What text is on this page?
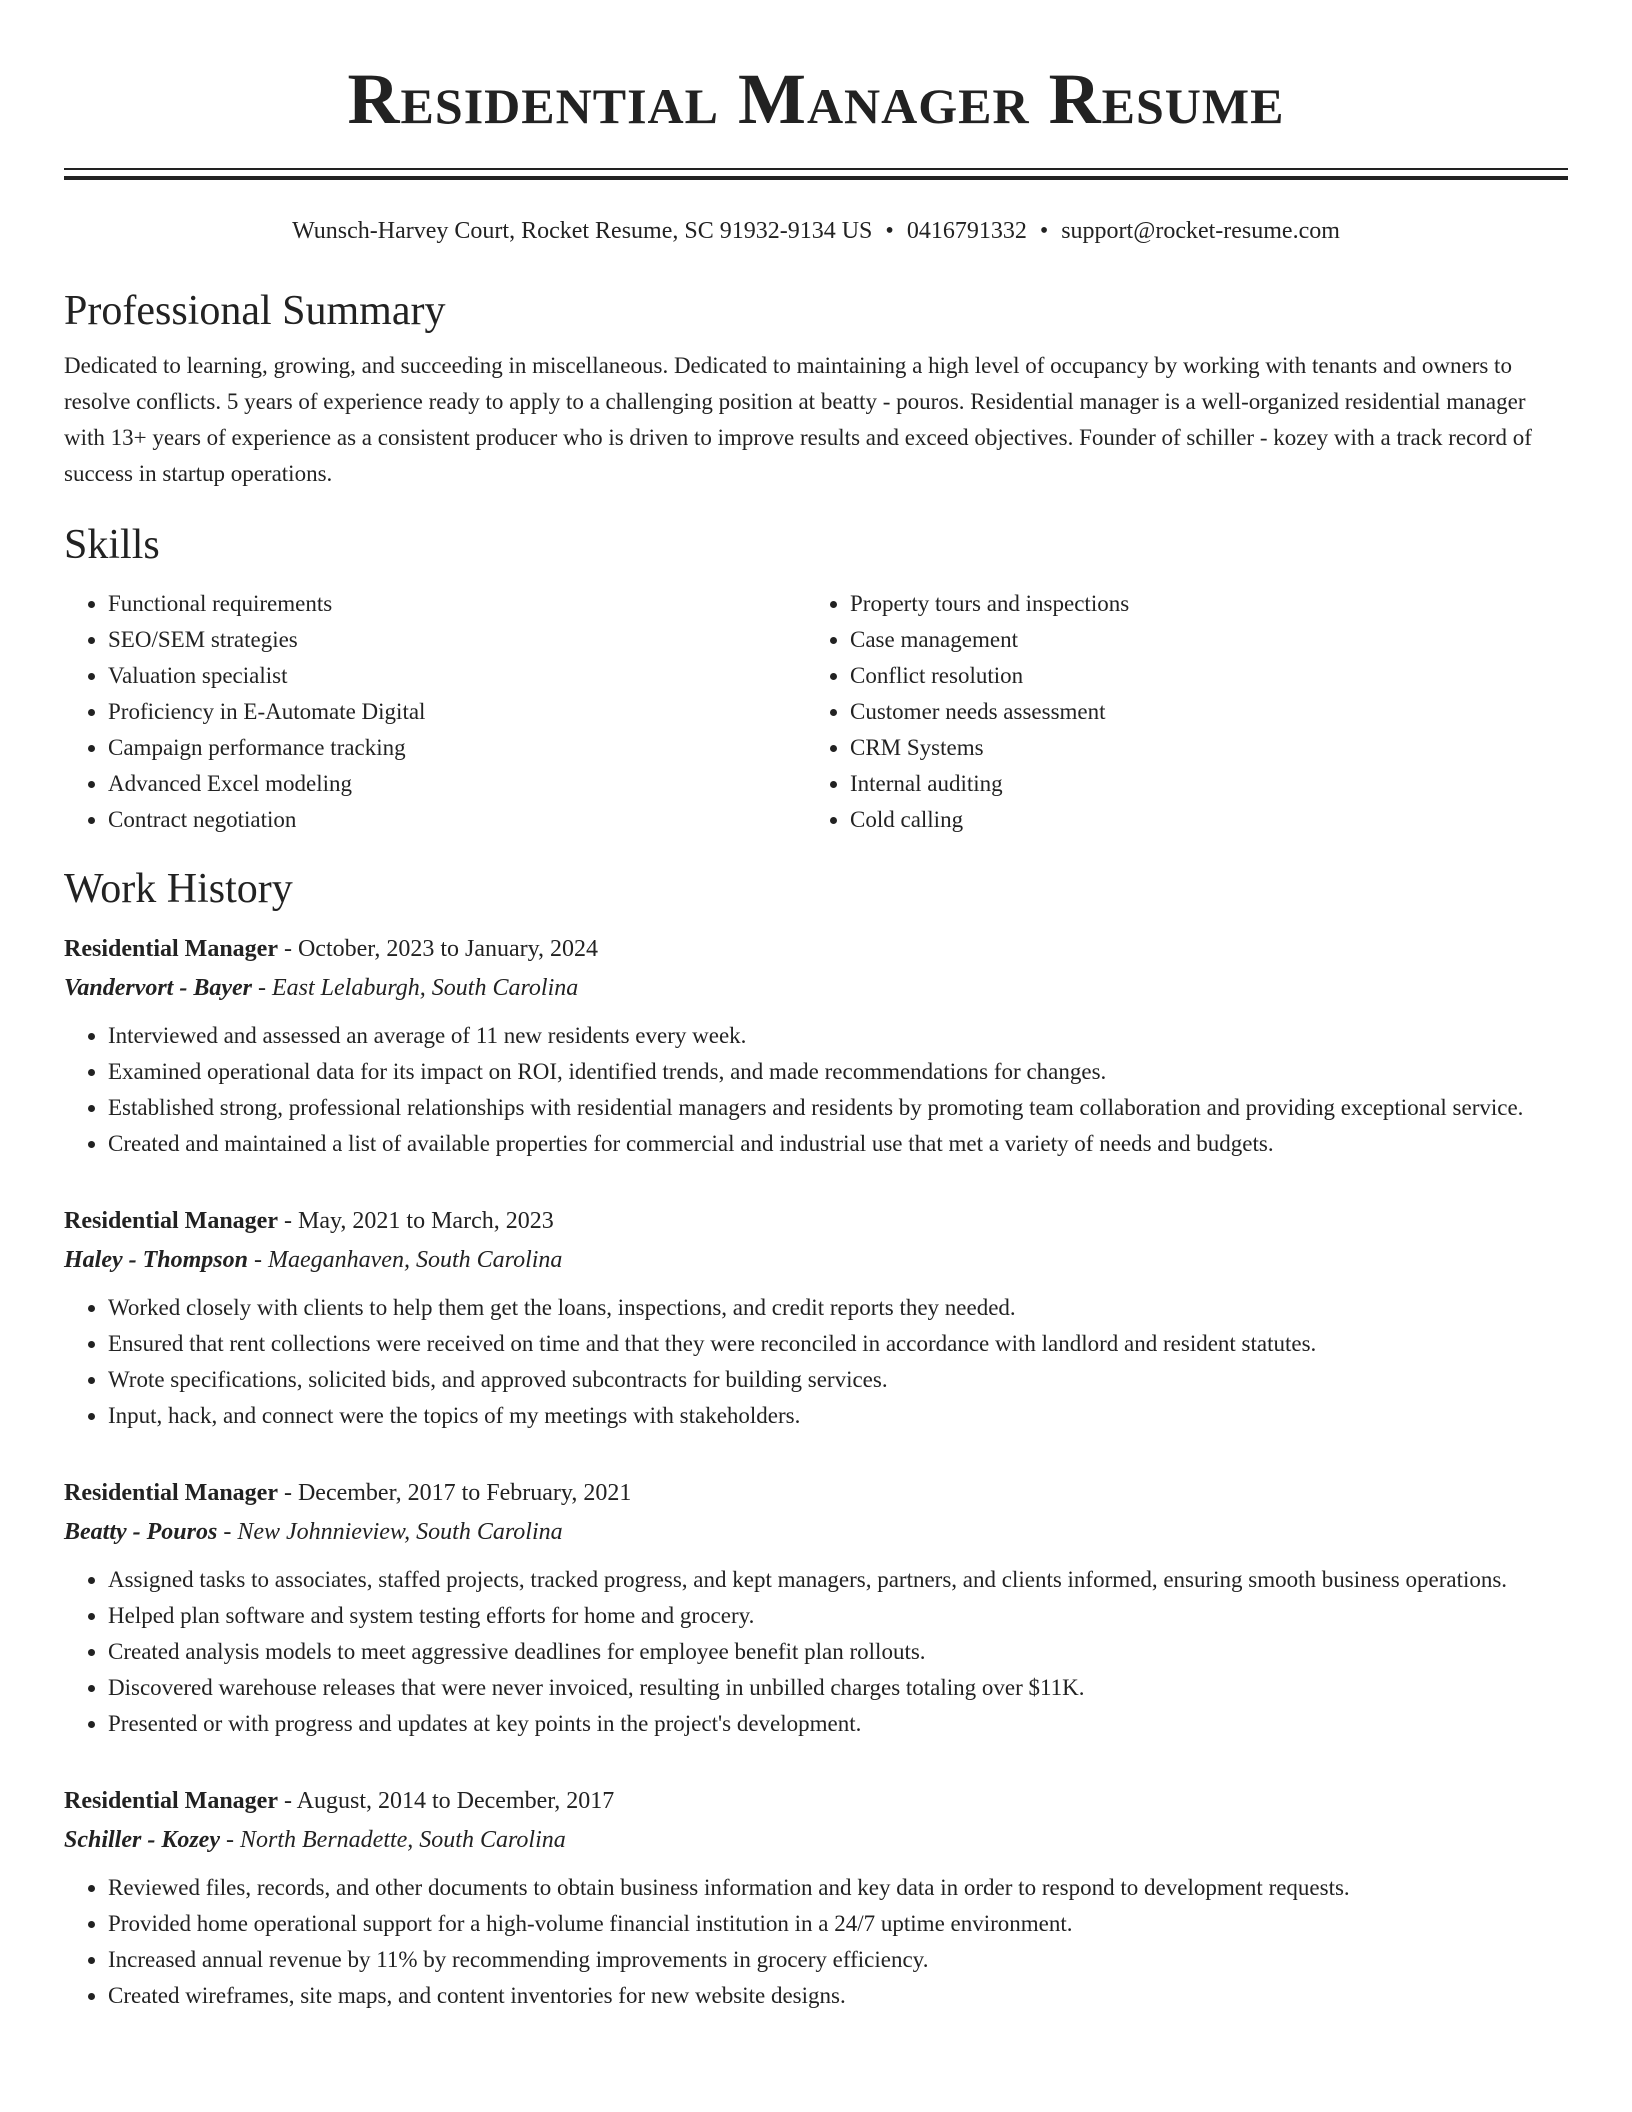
Residential Manager Resume
Wunsch-Harvey Court, Rocket Resume, SC 91932-9134 US • 0416791332 • support@rocket-resume.com
Professional Summary

Dedicated to learning, growing, and succeeding in miscellaneous. Dedicated to maintaining a high level of occupancy by working with tenants and owners to resolve conflicts. 5 years of experience ready to apply to a challenging position at beatty - pouros. Residential manager is a well-organized residential manager with 13+ years of experience as a consistent producer who is driven to improve results and exceed objectives. Founder of schiller - kozey with a track record of success in startup operations.

Skills
• Functional requirements
• SEO/SEM strategies
• Valuation specialist
• Proficiency in E-Automate Digital
• Campaign performance tracking
• Advanced Excel modeling
• Contract negotiation
• Property tours and inspections
• Case management
• Conflict resolution
• Customer needs assessment
• CRM Systems
• Internal auditing
• Cold calling
Work History
Residential Manager - October, 2023 to January, 2024
Vandervort - Bayer - East Lelaburgh, South Carolina
• Interviewed and assessed an average of 11 new residents every week.
• Examined operational data for its impact on ROI, identified trends, and made recommendations for changes.
• Established strong, professional relationships with residential managers and residents by promoting team collaboration and providing exceptional service.
• Created and maintained a list of available properties for commercial and industrial use that met a variety of needs and budgets.
Residential Manager - May, 2021 to March, 2023
Haley - Thompson - Maeganhaven, South Carolina
• Worked closely with clients to help them get the loans, inspections, and credit reports they needed.
• Ensured that rent collections were received on time and that they were reconciled in accordance with landlord and resident statutes.
• Wrote specifications, solicited bids, and approved subcontracts for building services.
• Input, hack, and connect were the topics of my meetings with stakeholders.
Residential Manager - December, 2017 to February, 2021
Beatty - Pouros - New Johnnieview, South Carolina
• Assigned tasks to associates, staffed projects, tracked progress, and kept managers, partners, and clients informed, ensuring smooth business operations.
• Helped plan software and system testing efforts for home and grocery.
• Created analysis models to meet aggressive deadlines for employee benefit plan rollouts.
• Discovered warehouse releases that were never invoiced, resulting in unbilled charges totaling over $11K.
• Presented or with progress and updates at key points in the project's development.
Residential Manager - August, 2014 to December, 2017
Schiller - Kozey - North Bernadette, South Carolina
• Reviewed files, records, and other documents to obtain business information and key data in order to respond to development requests.
• Provided home operational support for a high-volume financial institution in a 24/7 uptime environment.
• Increased annual revenue by 11% by recommending improvements in grocery efficiency.
• Created wireframes, site maps, and content inventories for new website designs.
